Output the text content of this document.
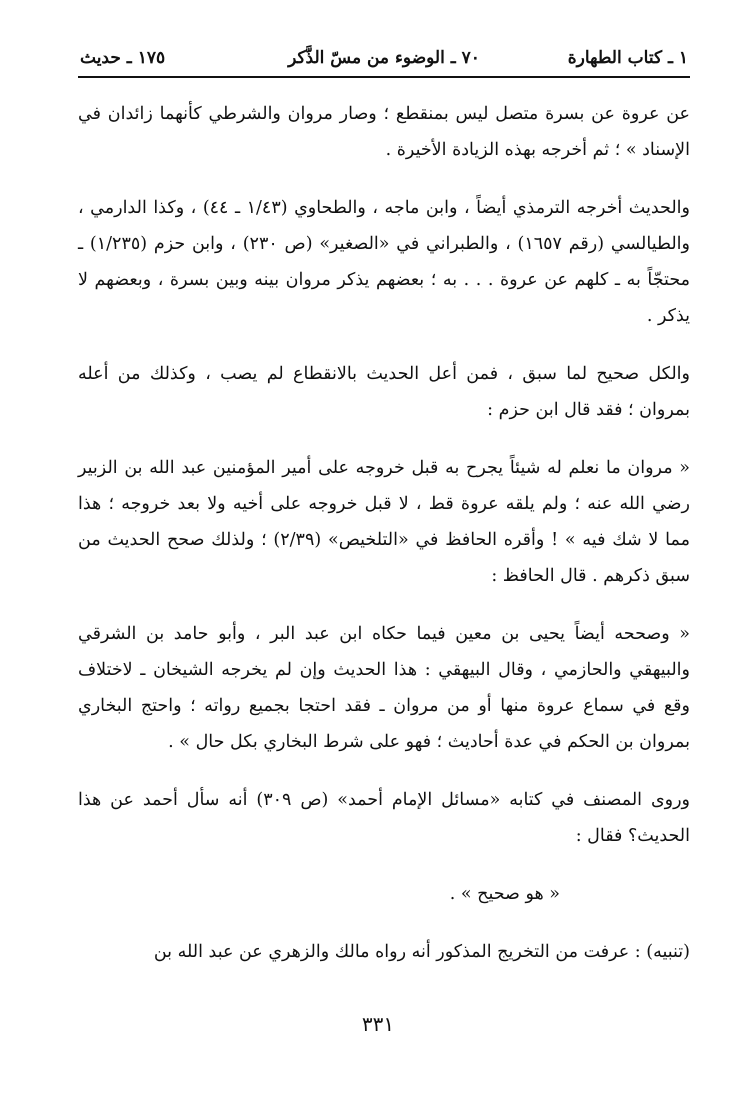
١ ـ كتاب الطهارة
٧٠ ـ الوضوء من مسّ الذَّكر
١٧٥ ـ حديث

عن عروة عن بسرة متصل ليس بمنقطع ؛ وصار مروان والشرطي كأنهما زائدان في الإسناد » ؛ ثم أخرجه بهذه الزيادة الأخيرة .

والحديث أخرجه الترمذي أيضاً ، وابن ماجه ، والطحاوي (١/٤٣ ـ ٤٤) ، وكذا الدارمي ، والطيالسي (رقم ١٦٥٧) ، والطبراني في «الصغير» (ص ٢٣٠) ، وابن حزم (١/٢٣٥) ـ محتجّاً به ـ كلهم عن عروة . . . به ؛ بعضهم يذكر مروان بينه وبين بسرة ، وبعضهم لا يذكر .

والكل صحيح لما سبق ، فمن أعل الحديث بالانقطاع لم يصب ، وكذلك من أعله بمروان ؛ فقد قال ابن حزم :

« مروان ما نعلم له شيئاً يجرح به قبل خروجه على أمير المؤمنين عبد الله بن الزبير رضي الله عنه ؛ ولم يلقه عروة قط ، لا قبل خروجه على أخيه ولا بعد خروجه ؛ هذا مما لا شك فيه » ! وأقره الحافظ في «التلخيص» (٢/٣٩) ؛ ولذلك صحح الحديث من سبق ذكرهم . قال الحافظ :

« وصححه أيضاً يحيى بن معين فيما حكاه ابن عبد البر ، وأبو حامد بن الشرقي والبيهقي والحازمي ، وقال البيهقي : هذا الحديث وإن لم يخرجه الشيخان ـ لاختلاف وقع في سماع عروة منها أو من مروان ـ فقد احتجا بجميع رواته ؛ واحتج البخاري بمروان بن الحكم في عدة أحاديث ؛ فهو على شرط البخاري بكل حال » .

وروى المصنف في كتابه «مسائل الإمام أحمد» (ص ٣٠٩) أنه سأل أحمد عن هذا الحديث؟ فقال :

« هو صحيح » .

(تنبيه) : عرفت من التخريج المذكور أنه رواه مالك والزهري عن عبد الله بن

٣٣١
